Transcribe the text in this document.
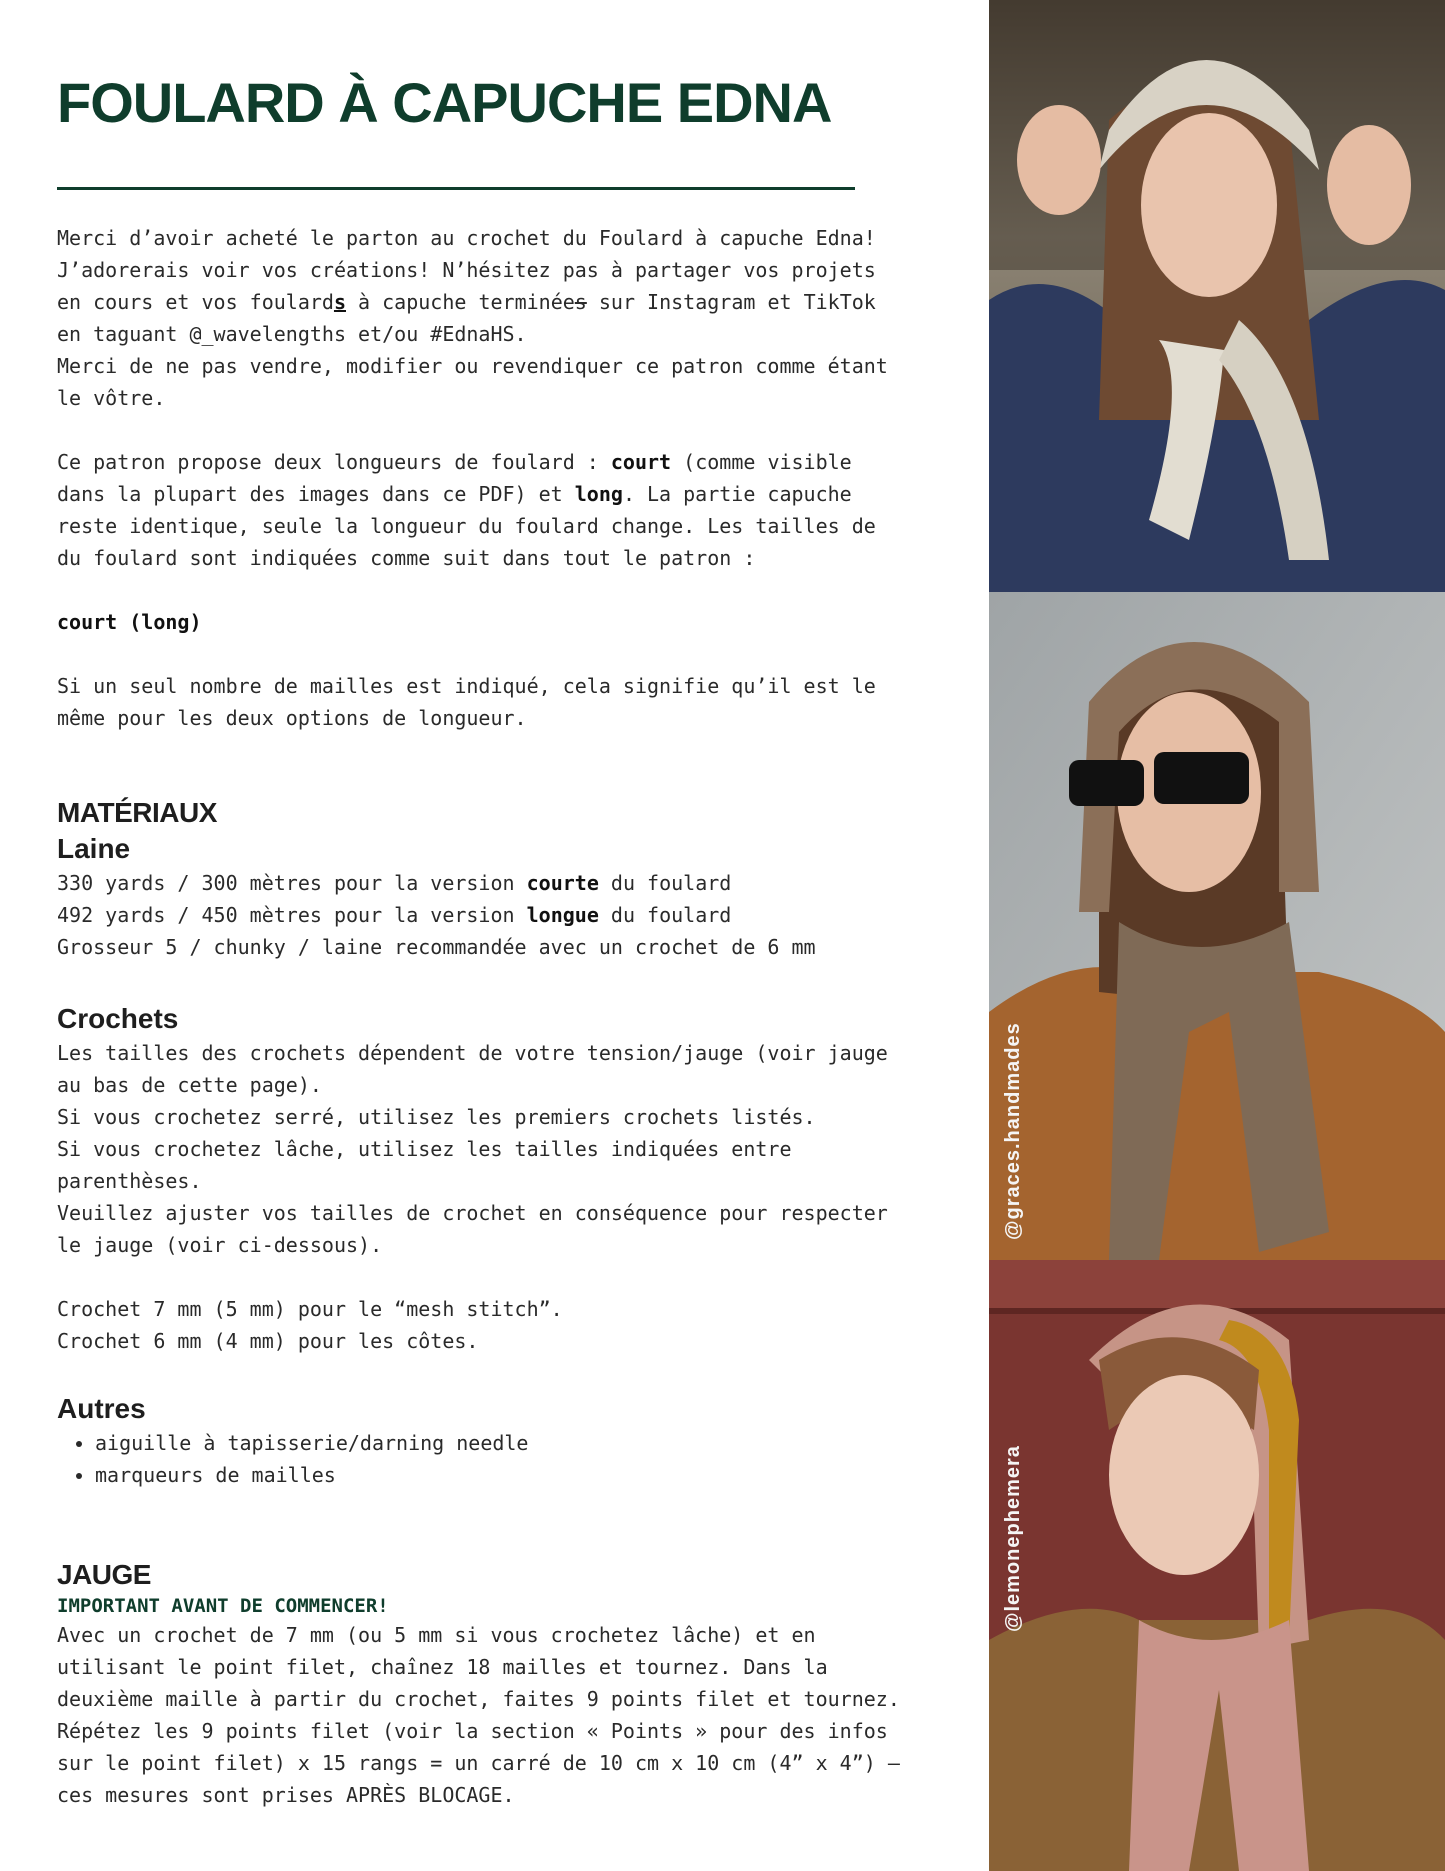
FOULARD À CAPUCHE EDNA

Merci d’avoir acheté le parton au crochet du Foulard à capuche Edna!
J’adorerais voir vos créations! N’hésitez pas à partager vos projets
en cours et vos foulards à capuche terminées sur Instagram et TikTok
en taguant @_wavelengths et/ou #EdnaHS.
Merci de ne pas vendre, modifier ou revendiquer ce patron comme étant
le vôtre.

Ce patron propose deux longueurs de foulard : court (comme visible
dans la plupart des images dans ce PDF) et long. La partie capuche
reste identique, seule la longueur du foulard change. Les tailles de
du foulard sont indiquées comme suit dans tout le patron :

court (long)

Si un seul nombre de mailles est indiqué, cela signifie qu’il est le
même pour les deux options de longueur.

MATÉRIAUX
Laine

330 yards / 300 mètres pour la version courte du foulard

492 yards / 450 mètres pour la version longue du foulard

Grosseur 5 / chunky / laine recommandée avec un crochet de 6 mm

Crochets

Les tailles des crochets dépendent de votre tension/jauge (voir jauge
au bas de cette page).
Si vous crochetez serré, utilisez les premiers crochets listés.
Si vous crochetez lâche, utilisez les tailles indiquées entre
parenthèses.
Veuillez ajuster vos tailles de crochet en conséquence pour respecter
le jauge (voir ci-dessous).

Crochet 7 mm (5 mm) pour le “mesh stitch”.
Crochet 6 mm (4 mm) pour les côtes.

Autres
• aiguille à tapisserie/darning needle
• marqueurs de mailles
JAUGE

IMPORTANT AVANT DE COMMENCER!

Avec un crochet de 7 mm (ou 5 mm si vous crochetez lâche) et en
utilisant le point filet, chaînez 18 mailles et tournez. Dans la
deuxième maille à partir du crochet, faites 9 points filet et tournez.
Répétez les 9 points filet (voir la section « Points » pour des infos
sur le point filet) x 15 rangs = un carré de 10 cm x 10 cm (4” x 4”) –
ces mesures sont prises APRÈS BLOCAGE.

@graces.handmades
@lemonephemera
